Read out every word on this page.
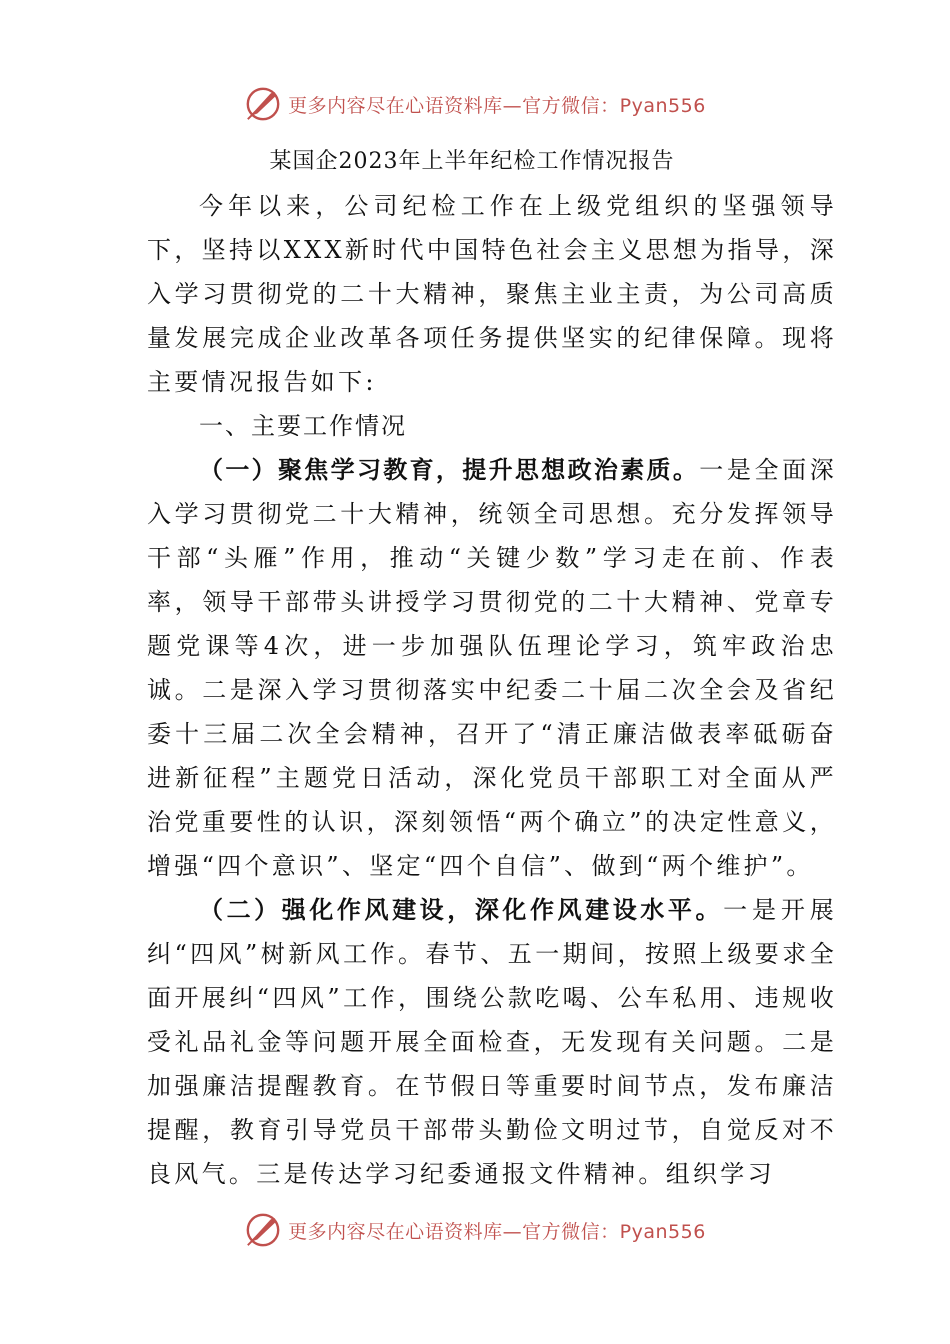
更多内容尽在心语资料库—官方微信：Pyan556
某国企2023年上半年纪检工作情况报告

今年以来，公司纪检工作在上级党组织的坚强领导下，坚持以XXX新时代中国特色社会主义思想为指导，深入学习贯彻党的二十大精神，聚焦主业主责，为公司高质量发展完成企业改革各项任务提供坚实的纪律保障。现将主要情况报告如下:

一、主要工作情况

（一）聚焦学习教育，提升思想政治素质。一是全面深入学习贯彻党二十大精神，统领全司思想。充分发挥领导干部“头雁”作用，推动“关键少数”学习走在前、作表率，领导干部带头讲授学习贯彻党的二十大精神、党章专题党课等4次，进一步加强队伍理论学习，筑牢政治忠诚。二是深入学习贯彻落实中纪委二十届二次全会及省纪委十三届二次全会精神，召开了“清正廉洁做表率砥砺奋进新征程”主题党日活动，深化党员干部职工对全面从严治党重要性的认识，深刻领悟“两个确立”的决定性意义，增强“四个意识”、坚定“四个自信”、做到“两个维护”。

（二）强化作风建设，深化作风建设水平。一是开展纠“四风”树新风工作。春节、五一期间，按照上级要求全面开展纠“四风”工作，围绕公款吃喝、公车私用、违规收受礼品礼金等问题开展全面检查，无发现有关问题。二是加强廉洁提醒教育。在节假日等重要时间节点，发布廉洁提醒，教育引导党员干部带头勤俭文明过节，自觉反对不良风气。三是传达学习纪委通报文件精神。组织学习

更多内容尽在心语资料库—官方微信：Pyan556
